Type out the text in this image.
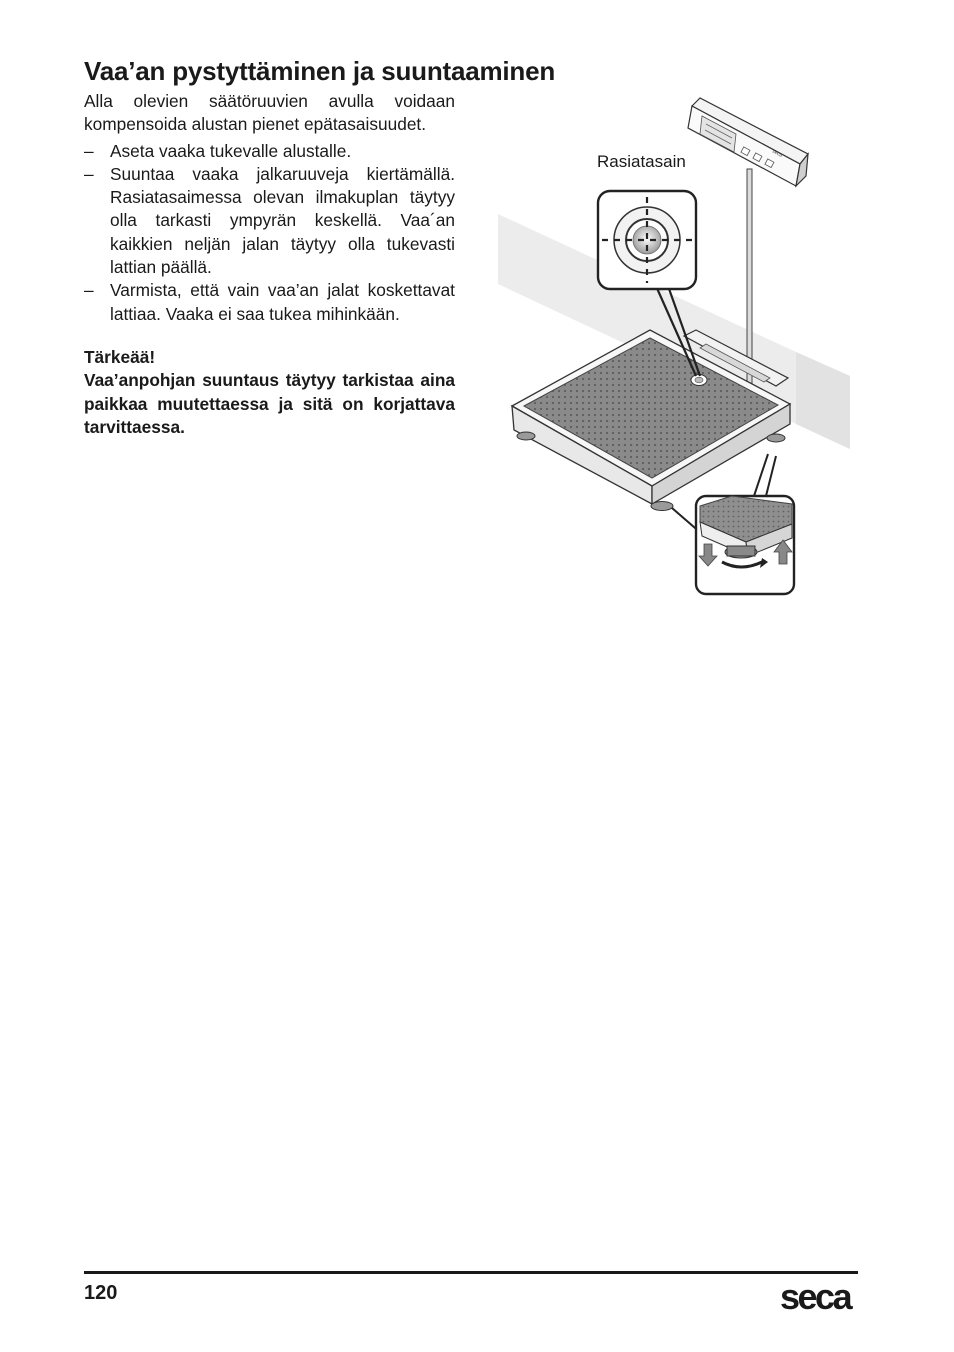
Vaa’an pystyttäminen ja suuntaaminen

Alla olevien säätöruuvien avulla voidaan kompensoida alustan pienet epätasaisuudet.

– Aseta vaaka tukevalle alustalle.
– Suuntaa vaaka jalkaruuveja kiertämällä. Rasiatasaimessa olevan ilmakuplan täytyy olla tarkasti ympyrän keskellä. Vaa´an kaikkien neljän jalan täytyy olla tukevasti lattian päällä.
– Varmista, että vain vaa’an jalat koskettavat lattiaa. Vaaka ei saa tukea mihinkään.
Tärkeää!
Vaa’anpohjan suuntaus täytyy tarkistaa aina paikkaa muutettaessa ja sitä on korjattava tarvittaessa.
Rasiatasain	seca
120	seca
